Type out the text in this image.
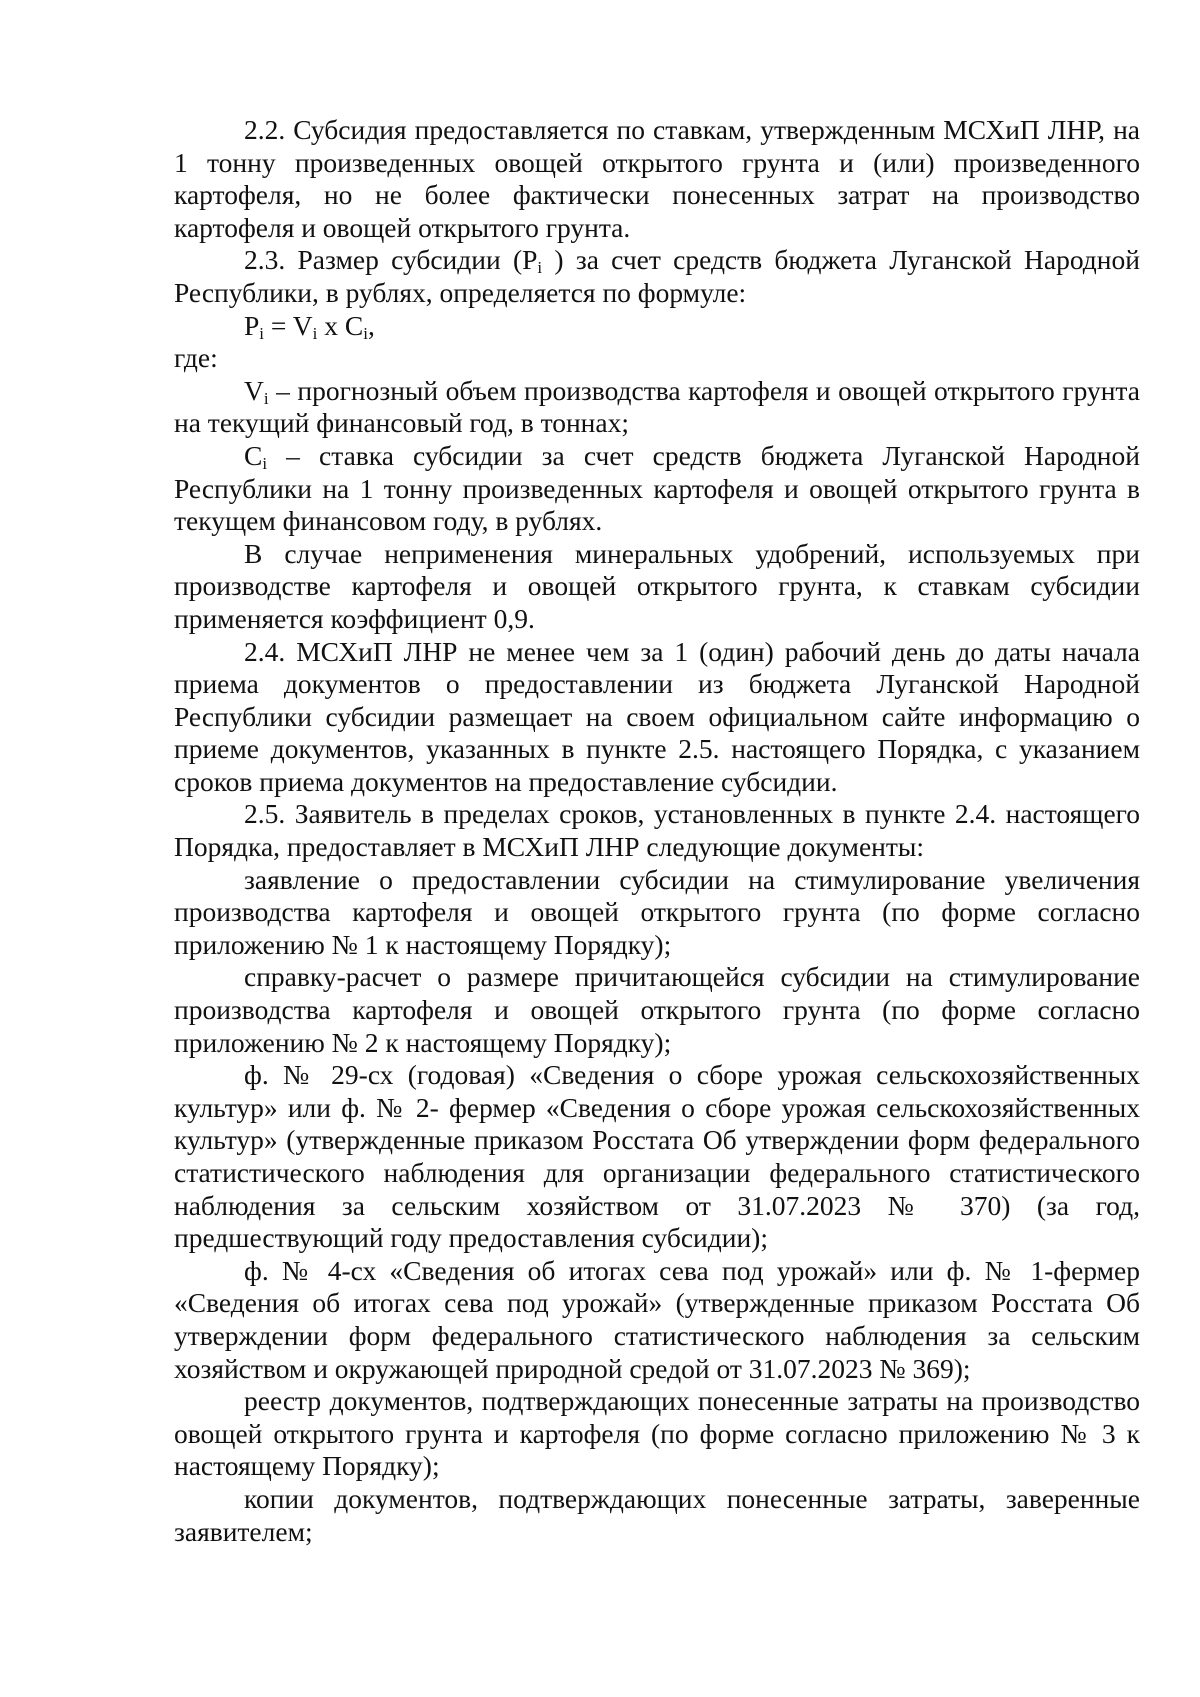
2.2. Субсидия предоставляется по ставкам, утвержденным МСХиП ЛНР, на 1 тонну произведенных овощей открытого грунта и (или) произведенного картофеля, но не более фактически понесенных затрат на производство картофеля и овощей открытого грунта.

2.3. Размер субсидии ($P_i$ ) за счет средств бюджета Луганской Народной Республики, в рублях, определяется по формуле:

$P_i = V_i$ x $C_i$,

где:

$V_i$ – прогнозный объем производства картофеля и овощей открытого грунта на текущий финансовый год, в тоннах;

$C_i$ – ставка субсидии за счет средств бюджета Луганской Народной Республики на 1 тонну произведенных картофеля и овощей открытого грунта в текущем финансовом году, в рублях.

В случае неприменения минеральных удобрений, используемых при производстве картофеля и овощей открытого грунта, к ставкам субсидии применяется коэффициент 0,9.

2.4. МСХиП ЛНР не менее чем за 1 (один) рабочий день до даты начала приема документов о предоставлении из бюджета Луганской Народной Республики субсидии размещает на своем официальном сайте информацию о приеме документов, указанных в пункте 2.5. настоящего Порядка, с указанием сроков приема документов на предоставление субсидии.

2.5. Заявитель в пределах сроков, установленных в пункте 2.4. настоящего Порядка, предоставляет в МСХиП ЛНР следующие документы:

заявление о предоставлении субсидии на стимулирование увеличения производства картофеля и овощей открытого грунта (по форме согласно приложению № 1 к настоящему Порядку);

справку-расчет о размере причитающейся субсидии на стимулирование производства картофеля и овощей открытого грунта (по форме согласно приложению № 2 к настоящему Порядку);

ф. № 29-сх (годовая) «Сведения о сборе урожая сельскохозяйственных культур» или ф. № 2- фермер «Сведения о сборе урожая сельскохозяйственных культур» (утвержденные приказом Росстата Об утверждении форм федерального статистического наблюдения для организации федерального статистического наблюдения за сельским хозяйством от 31.07.2023 № 370) (за год, предшествующий году предоставления субсидии);

ф. № 4-сх «Сведения об итогах сева под урожай» или ф. № 1-фермер «Сведения об итогах сева под урожай» (утвержденные приказом Росстата Об утверждении форм федерального статистического наблюдения за сельским хозяйством и окружающей природной средой от 31.07.2023 № 369);

реестр документов, подтверждающих понесенные затраты на производство овощей открытого грунта и картофеля (по форме согласно приложению № 3 к настоящему Порядку);

копии документов, подтверждающих понесенные затраты, заверенные заявителем;
